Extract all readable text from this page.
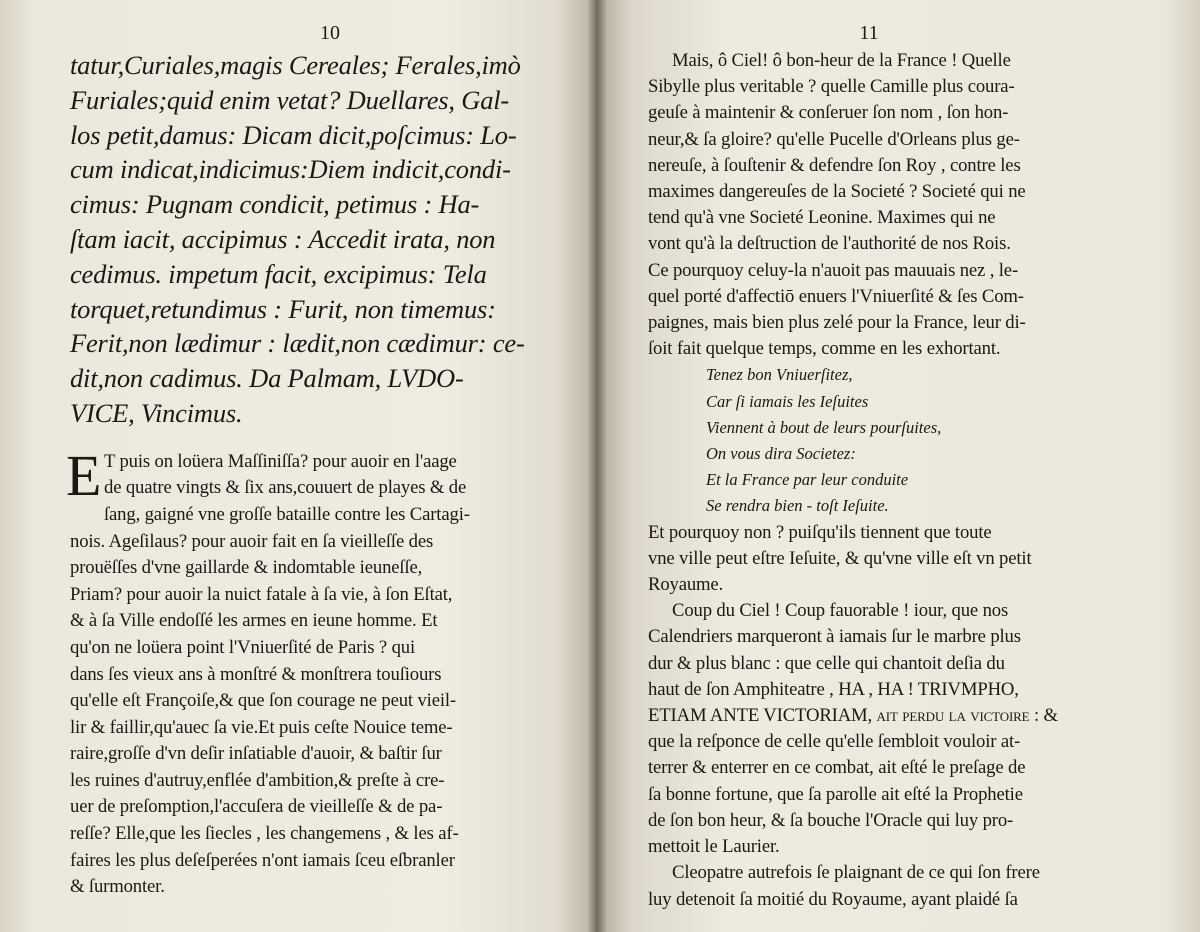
10

tatur,Curiales,magis Cereales; Ferales,imò

Furiales;quid enim vetat? Duellares, Gal-

los petit,damus: Dicam dicit,poſcimus: Lo-

cum indicat,indicimus:Diem indicit,condi-

cimus: Pugnam condicit, petimus : Ha-

ſtam iacit, accipimus : Accedit irata, non

cedimus. impetum facit, excipimus: Tela

torquet,retundimus : Furit, non timemus:

Ferit,non lædimur : lædit,non cædimur: ce-

dit,non cadimus. Da Palmam, LVDO-

VICE, Vincimus.

E T puis on loüera Maſſiniſſa? pour auoir en l'aage

de quatre vingts & ſix ans,couuert de playes & de

ſang, gaigné vne groſſe bataille contre les Cartagi-

nois. Ageſilaus? pour auoir fait en ſa vieilleſſe des

prouëſſes d'vne gaillarde & indomtable ieuneſſe,

Priam? pour auoir la nuict fatale à ſa vie, à ſon Eſtat,

& à ſa Ville endoſſé les armes en ieune homme. Et

qu'on ne loüera point l'Vniuerſité de Paris ? qui

dans ſes vieux ans à monſtré & monſtrera touſiours

qu'elle eſt Françoiſe,& que ſon courage ne peut vieil-

lir & faillir,qu'auec ſa vie.Et puis ceſte Nouice teme-

raire,groſſe d'vn deſir inſatiable d'auoir, & baſtir ſur

les ruines d'autruy,enflée d'ambition,& preſte à cre-

uer de preſomption,l'accuſera de vieilleſſe & de pa-

reſſe? Elle,que les ſiecles , les changemens , & les af-

faires les plus deſeſperées n'ont iamais ſceu eſbranler

& ſurmonter.

11

Mais, ô Ciel! ô bon-heur de la France ! Quelle

Sibylle plus veritable ? quelle Camille plus coura-

geuſe à maintenir & conſeruer ſon nom , ſon hon-

neur,& ſa gloire? qu'elle Pucelle d'Orleans plus ge-

nereuſe, à ſouſtenir & defendre ſon Roy , contre les

maximes dangereuſes de la Societé ? Societé qui ne

tend qu'à vne Societé Leonine. Maximes qui ne

vont qu'à la deſtruction de l'authorité de nos Rois.

Ce pourquoy celuy-la n'auoit pas mauuais nez , le-

quel porté d'affectiō enuers l'Vniuerſité & ſes Com-

paignes, mais bien plus zelé pour la France, leur di-

ſoit fait quelque temps, comme en les exhortant.

Tenez bon Vniuerſitez,

Car ſi iamais les Ieſuites

Viennent à bout de leurs pourſuites,

On vous dira Societez:

Et la France par leur conduite

Se rendra bien - toſt Ieſuite.

Et pourquoy non ? puiſqu'ils tiennent que toute

vne ville peut eſtre Ieſuite, & qu'vne ville eſt vn petit

Royaume.

Coup du Ciel ! Coup fauorable ! iour, que nos

Calendriers marqueront à iamais ſur le marbre plus

dur & plus blanc : que celle qui chantoit deſia du

haut de ſon Amphiteatre , HA , HA ! TRIVMPHO,

ETIAM ANTE VICTORIAM, ait perdu la victoire : &

que la reſponce de celle qu'elle ſembloit vouloir at-

terrer & enterrer en ce combat, ait eſté le preſage de

ſa bonne fortune, que ſa parolle ait eſté la Prophetie

de ſon bon heur, & ſa bouche l'Oracle qui luy pro-

mettoit le Laurier.

Cleopatre autrefois ſe plaignant de ce qui ſon frere

luy detenoit ſa moitié du Royaume, ayant plaidé ſa
